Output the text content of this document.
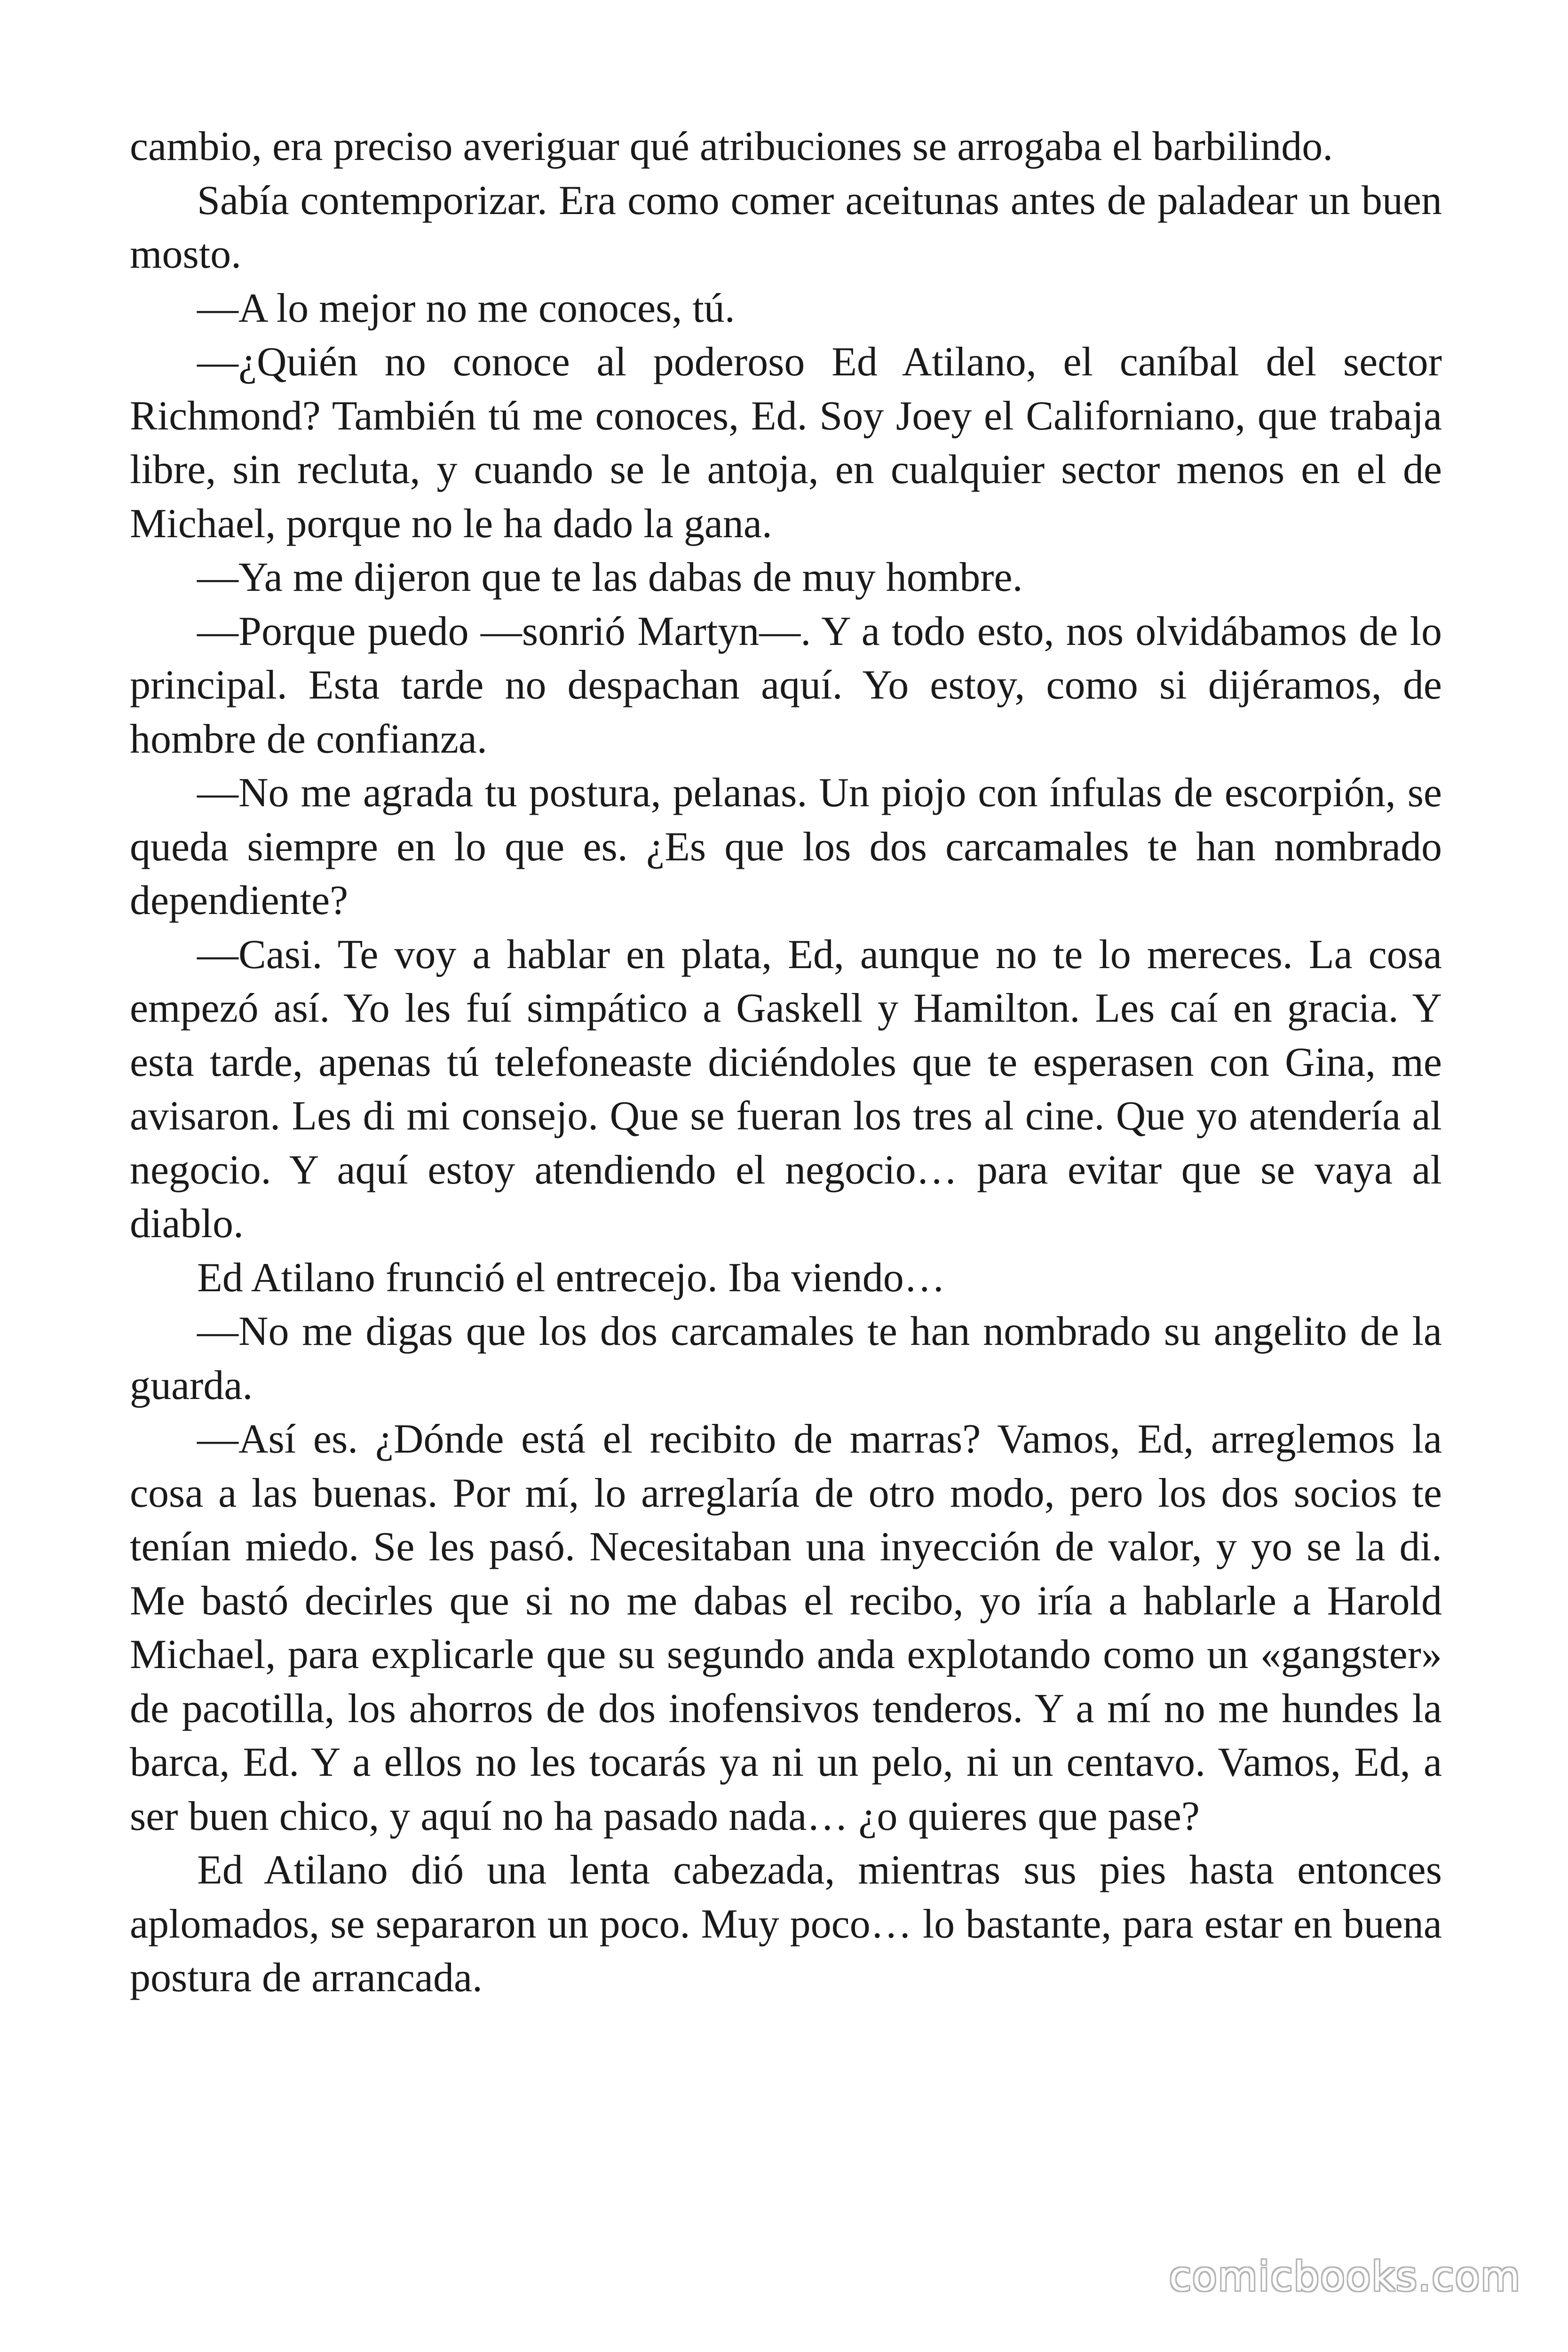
cambio, era preciso averiguar qué atribuciones se arrogaba el barbilindo.

Sabía contemporizar. Era como comer aceitunas antes de paladear un buen mosto.

—A lo mejor no me conoces, tú.

—¿Quién no conoce al poderoso Ed Atilano, el caníbal del sector Richmond? También tú me conoces, Ed. Soy Joey el Californiano, que trabaja libre, sin recluta, y cuando se le antoja, en cualquier sector menos en el de Michael, porque no le ha dado la gana.

—Ya me dijeron que te las dabas de muy hombre.

—Porque puedo —sonrió Martyn—. Y a todo esto, nos olvidábamos de lo principal. Esta tarde no despachan aquí. Yo estoy, como si dijéramos, de hombre de confianza.

—No me agrada tu postura, pelanas. Un piojo con ínfulas de escorpión, se queda siempre en lo que es. ¿Es que los dos carcamales te han nombrado dependiente?

—Casi. Te voy a hablar en plata, Ed, aunque no te lo mereces. La cosa empezó así. Yo les fuí simpático a Gaskell y Hamilton. Les caí en gracia. Y esta tarde, apenas tú telefoneaste diciéndoles que te esperasen con Gina, me avisaron. Les di mi consejo. Que se fueran los tres al cine. Que yo atendería al negocio. Y aquí estoy atendiendo el negocio… para evitar que se vaya al diablo.

Ed Atilano frunció el entrecejo. Iba viendo…

—No me digas que los dos carcamales te han nombrado su angelito de la guarda.

—Así es. ¿Dónde está el recibito de marras? Vamos, Ed, arreglemos la cosa a las buenas. Por mí, lo arreglaría de otro modo, pero los dos socios te tenían miedo. Se les pasó. Necesitaban una inyección de valor, y yo se la di. Me bastó decirles que si no me dabas el recibo, yo iría a hablarle a Harold Michael, para explicarle que su segundo anda explotando como un «gangster» de pacotilla, los ahorros de dos inofensivos tenderos. Y a mí no me hundes la barca, Ed. Y a ellos no les tocarás ya ni un pelo, ni un centavo. Vamos, Ed, a ser buen chico, y aquí no ha pasado nada… ¿o quieres que pase?

Ed Atilano dió una lenta cabezada, mientras sus pies hasta entonces aplomados, se separaron un poco. Muy poco… lo bastante, para estar en buena postura de arrancada.

comicbooks.com
